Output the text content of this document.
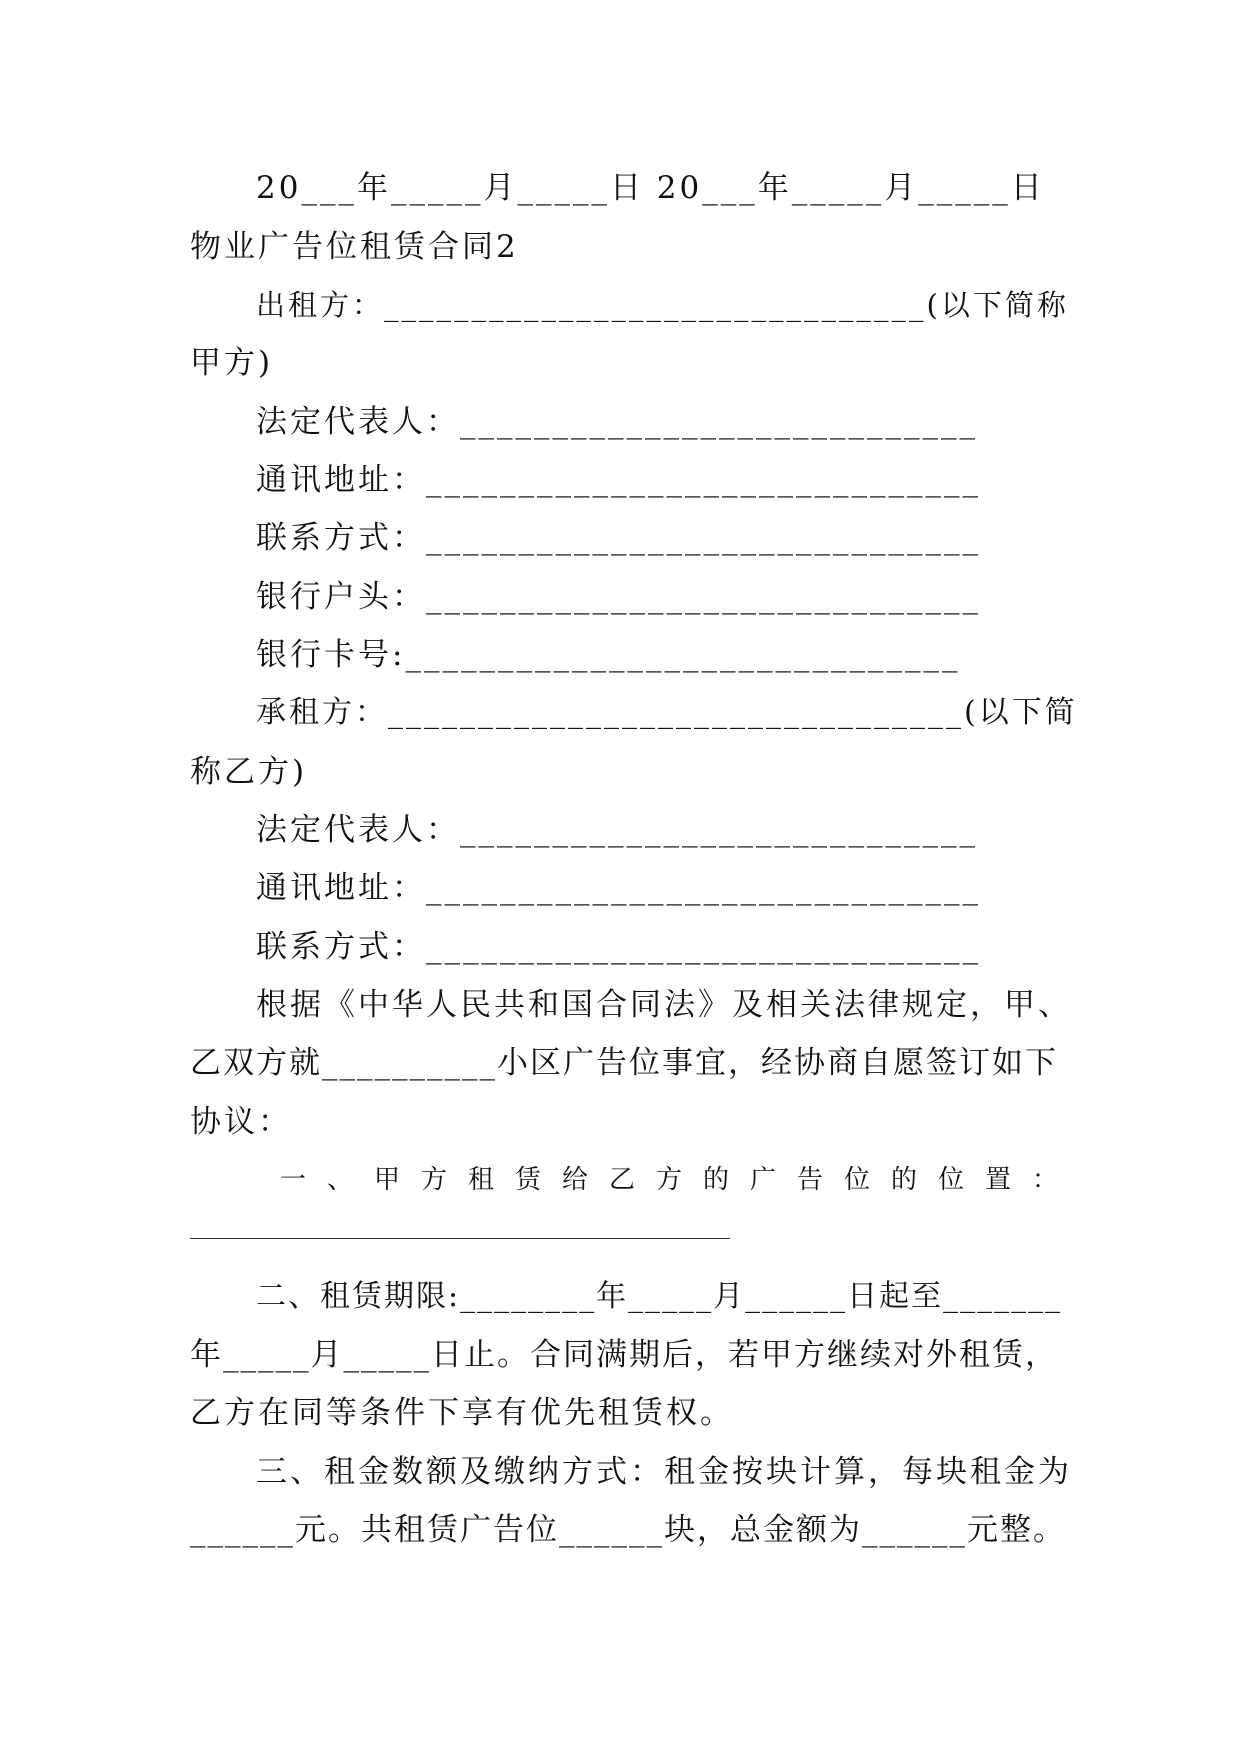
20___年_____月_____日 20___年_____月_____日
物业广告位租赁合同2
出租方：_______________________________(以下简称
甲方)
法定代表人：____________________________
通讯地址：______________________________
联系方式：______________________________
银行户头：______________________________
银行卡号:______________________________
承租方：________________________________(以下简
称乙方)
法定代表人：____________________________
通讯地址：______________________________
联系方式：______________________________
根据《中华人民共和国合同法》及相关法律规定，甲、
乙双方就__________小区广告位事宜，经协商自愿签订如下
协议：
一、甲方租赁给乙方的广告位的位置：
二、租赁期限:________年_____月______日起至_______
年_____月_____日止。合同满期后，若甲方继续对外租赁，
乙方在同等条件下享有优先租赁权。
三、租金数额及缴纳方式：租金按块计算，每块租金为
______元。共租赁广告位______块，总金额为______元整。
